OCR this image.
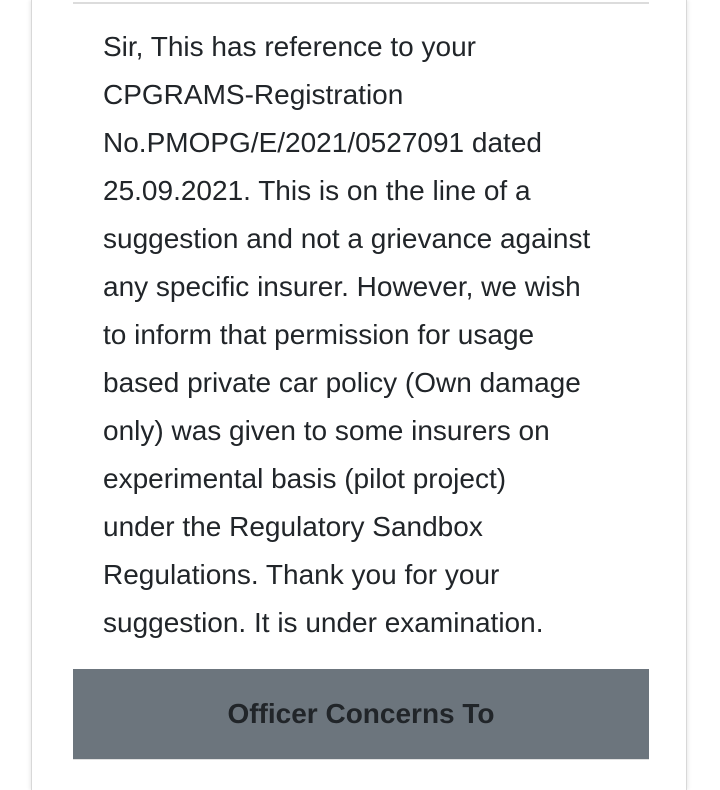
Sir, This has reference to your
CPGRAMS-Registration
No.PMOPG/E/2021/0527091 dated
25.09.2021. This is on the line of a
suggestion and not a grievance against
any specific insurer. However, we wish
to inform that permission for usage
based private car policy (Own damage
only) was given to some insurers on
experimental basis (pilot project)
under the Regulatory Sandbox
Regulations. Thank you for your
suggestion. It is under examination.

Officer Concerns To
